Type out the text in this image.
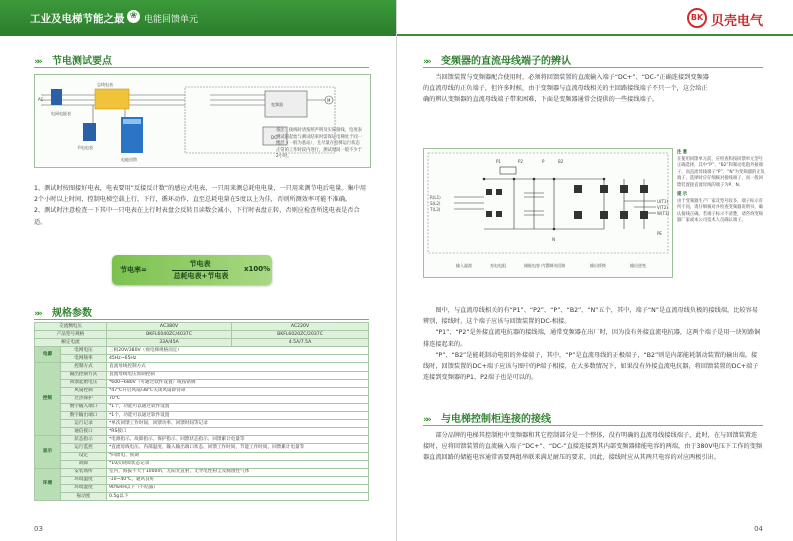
工业及电梯节能之最 ❀ 电能回馈单元
»» 节电测试要点
AC
电网电能表
节电电表
电能回馈
总线电表
变频器
DC
M
备注：接线时请按照声明及实际接线，电度表测试的起始与测试结束时需保证电梯处于同一楼层（一般为基站），且尽量在电梯运行状态正常的工作时段内进行，测试时间一般不少于2小时。

1、测试时按图接好电表，电表要用“反接反计数”的感应式电表，一只用来测总耗电电量，一只用来测节电后电量。集中用2个小时以上时间，控制电梯空载上行、下行，循环动作，直至总耗电量在5度以上为佳，否则所测效率可能不准确。

2、测试时注意检查一下其中一只电表在上行时表盘会反转且读数会减小，下行时表盘正转，否则应检查所选电表是否合适。

节电率=
节电表
总耗电表+节电表
x100%
»» 规格参数
交流侧电压		AC380V	AC220V
产品型号规格		BKFL6040ZC/4037C	BKFL6020ZC/2037C
额定电流		33A/45A	4.5A/7.5A
电源	电网电压	三相20V/380V（视电梯规格而定）	
	电网频率	45Hz~65Hz	
控制	控制方式	直流母线控制方式	
	输出控制方式	直流母线电压预制控制	
	回馈起始电压	*600~680V（可通过软件设置）或按铭牌	
	风扇控制	*47℃开启风扇/38℃关闭风扇即待命	
	过热保护	70℃	
	数字输入端口	*1个，功能可以通过软件设置	
	数字输出端口	*1个，功能可以通过软件设置	
	运行记录	*单次回馈工作时间、回馈功率、回馈时间等记录	
	通信接口	*RS接口	
显示	状态指示	*电源指示、故障指示、保护指示、回馈状态指示、回馈累计电量等	
	运行监控	*直流母线电压、内部温度、输入输出端口状态、回馈工作时间、节能工作时间、回馈累计电量等	
	设定	*回馈电、预期	
	故障	*10次故障状态记录	
环境	安装场所	室内，海拔不大于1000m，无阳光直射，无导电性粉尘及腐蚀性气体	
	环境温度	-10~40℃，通风良好	
	环境湿度	90%RH以下（不结露）	
	振动度	0.5g以下	
03
BK 贝壳电气
»» 变频器的直流母线端子的辨认

当回馈装置与变频器配合使用时，必须将回馈装置的直流输入端子“DC+”、“DC-”正确连接到变频器

的直流母线的正负端子，但许多时候，由于变频器与直流母线相关的主回路接线端子不只一个，这会给正

确的辨认变频器的直流母线端子带来困难，下面是变频器通常会提供的一些接线端子。

R(L1)
S(L2)
T(L3)
U(T1)
V(T2)
W(T3)
PE
P1	P2	P	B2
N
输入滤波	充电电阻	储能电容 内置制动回路	输出桥换	输出逆变
注 意
在使用回馈单元前，应检查和按回馈单元型号正确选择，其中“P”、“B2”和制动电阻外接端子，而直流母线端子“P”、“N”为变频器的正负端子，选择时应仔细核对接线端子，而一般回馈装置接直流母线的端子为P、N。
提 示
由于变频器生产厂家及型号较多，端子标示有所不同，请仔细核对并检查变频器说明书，确认接线正确。若端子标示不清楚，请咨询变频器厂家或本公司技术人员确认端子。

图中，与直流母线相关的有“P1”、“P2”、“P”、“B2”、“N”五个，其中，端子“N”是直流母线负极的接线端，比较容易辨别，接线时，这个端子应该与回馈装置的DC-相接。

“P1”、“P2”是外接直流电抗器的接线端，通常变频器在出厂时，因为没有外接直流电抗器，这两个端子是用一块短路铜排连接起来的。

“P”、“B2”是能耗制动电阻的外接端子，其中，“P”是直流母线的正极端子，“B2”则是内部能耗制动装置的输出端。接线时，回馈装置的DC+端子应该与图中的P端子相接，在大多数情况下，如果没有外接直流电抗器，将回馈装置的DC+端子连接到变频器的P1、P2端子也是可以的。

»» 与电梯控制柜连接的接线

部分品牌的电梯其控制柜中变频器和其它控制部分是一个整体，没有明确的直流母线接线端子，此时，在与回馈装置连接时，应将回馈装置的直流输入端子“DC+”、“DC-”直接连接到其内部变频器储能电容的两端，由于380V电压下工作的变频器直流回路的储能电容通常需要两组串联来满足耐压的要求，因此，接线时应从其两只电容的对应两极引出。

04
